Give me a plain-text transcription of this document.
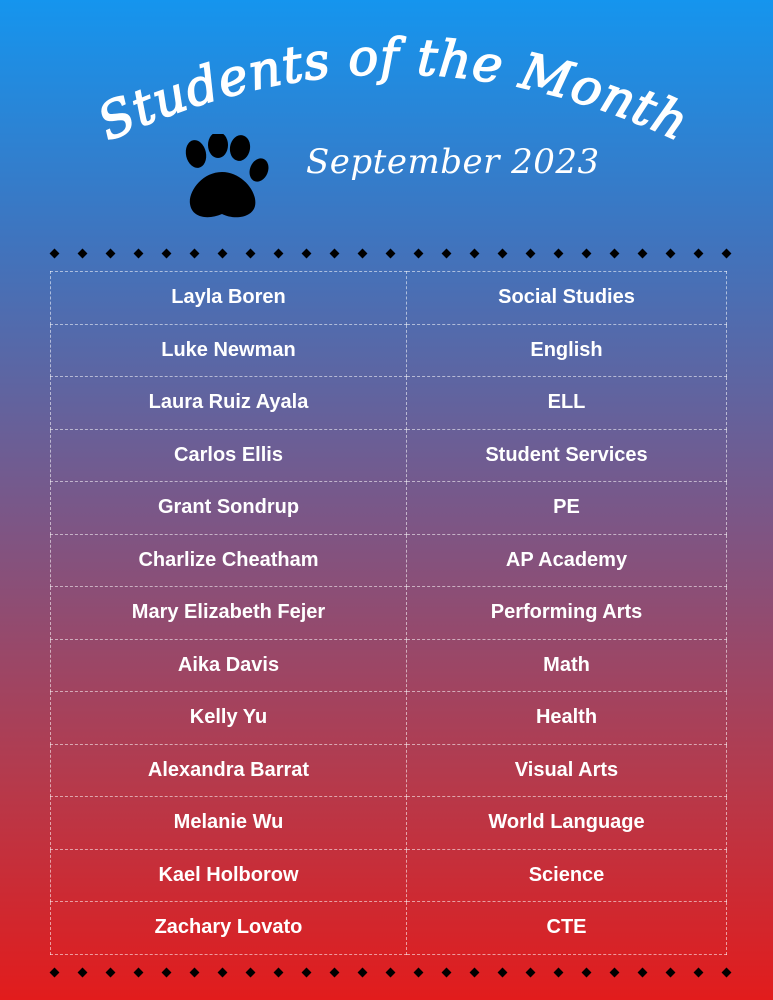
Students of the Month
September 2023
Layla Boren	Social Studies
Luke Newman	English
Laura Ruiz Ayala	ELL
Carlos Ellis	Student Services
Grant Sondrup	PE
Charlize Cheatham	AP Academy
Mary Elizabeth Fejer	Performing Arts
Aika Davis	Math
Kelly Yu	Health
Alexandra Barrat	Visual Arts
Melanie Wu	World Language
Kael Holborow	Science
Zachary Lovato	CTE
